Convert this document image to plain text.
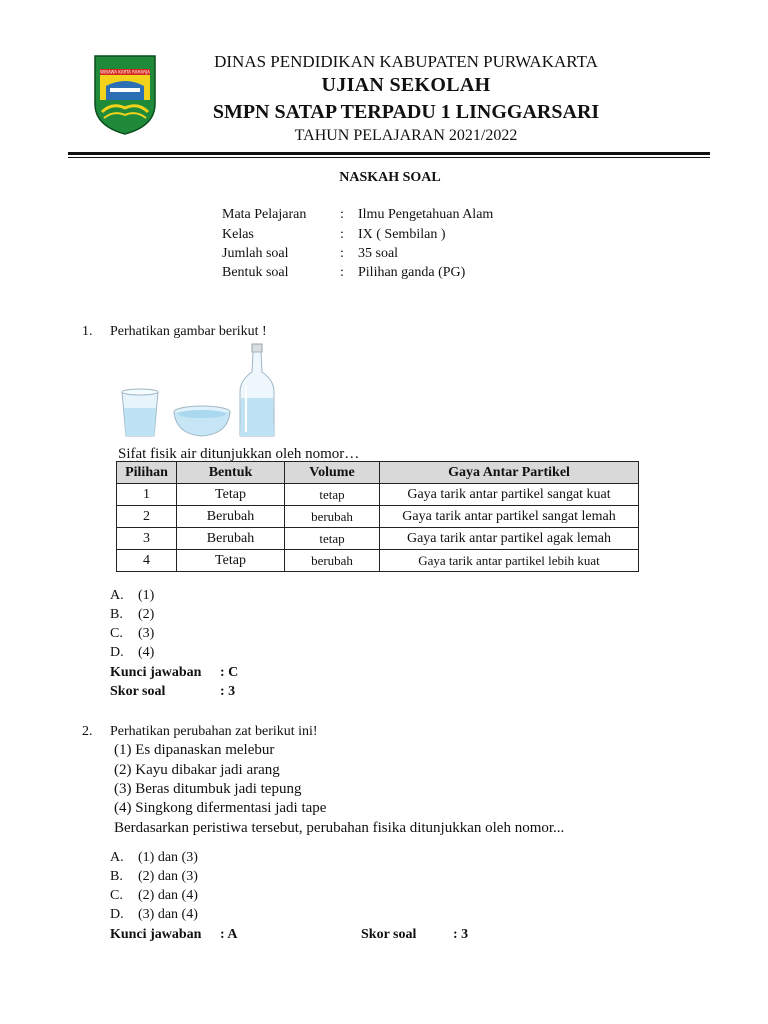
WIBAWA KARTA RAHARJA
DINAS PENDIDIKAN KABUPATEN PURWAKARTA
UJIAN SEKOLAH
SMPN SATAP TERPADU 1 LINGGARSARI
TAHUN PELAJARAN 2021/2022
NASKAH SOAL
Mata Pelajaran : Ilmu Pengetahuan Alam
Kelas	: IX ( Sembilan )
Jumlah soal	: 35 soal
Bentuk soal	: Pilihan ganda (PG)
1. Perhatikan gambar berikut !
Sifat fisik air ditunjukkan oleh nomor…
Pilihan	Bentuk	Volume	Gaya Antar Partikel
1	Tetap	tetap	Gaya tarik antar partikel sangat kuat
2	Berubah	berubah	Gaya tarik antar partikel sangat lemah
3	Berubah	tetap	Gaya tarik antar partikel agak lemah
4	Tetap	berubah	Gaya tarik antar partikel lebih kuat
A. (1)
B. (2)
C. (3)
D. (4)
Kunci jawaban : C
Skor soal	: 3
2. Perhatikan perubahan zat berikut ini!
(1) Es dipanaskan melebur
(2) Kayu dibakar jadi arang
(3) Beras ditumbuk jadi tepung
(4) Singkong difermentasi jadi tape
Berdasarkan peristiwa tersebut, perubahan fisika ditunjukkan oleh nomor...
A. (1) dan (3)
B. (2) dan (3)
C. (2) dan (4)
D. (3) dan (4)
Kunci jawaban : A	Skor soal	: 3
